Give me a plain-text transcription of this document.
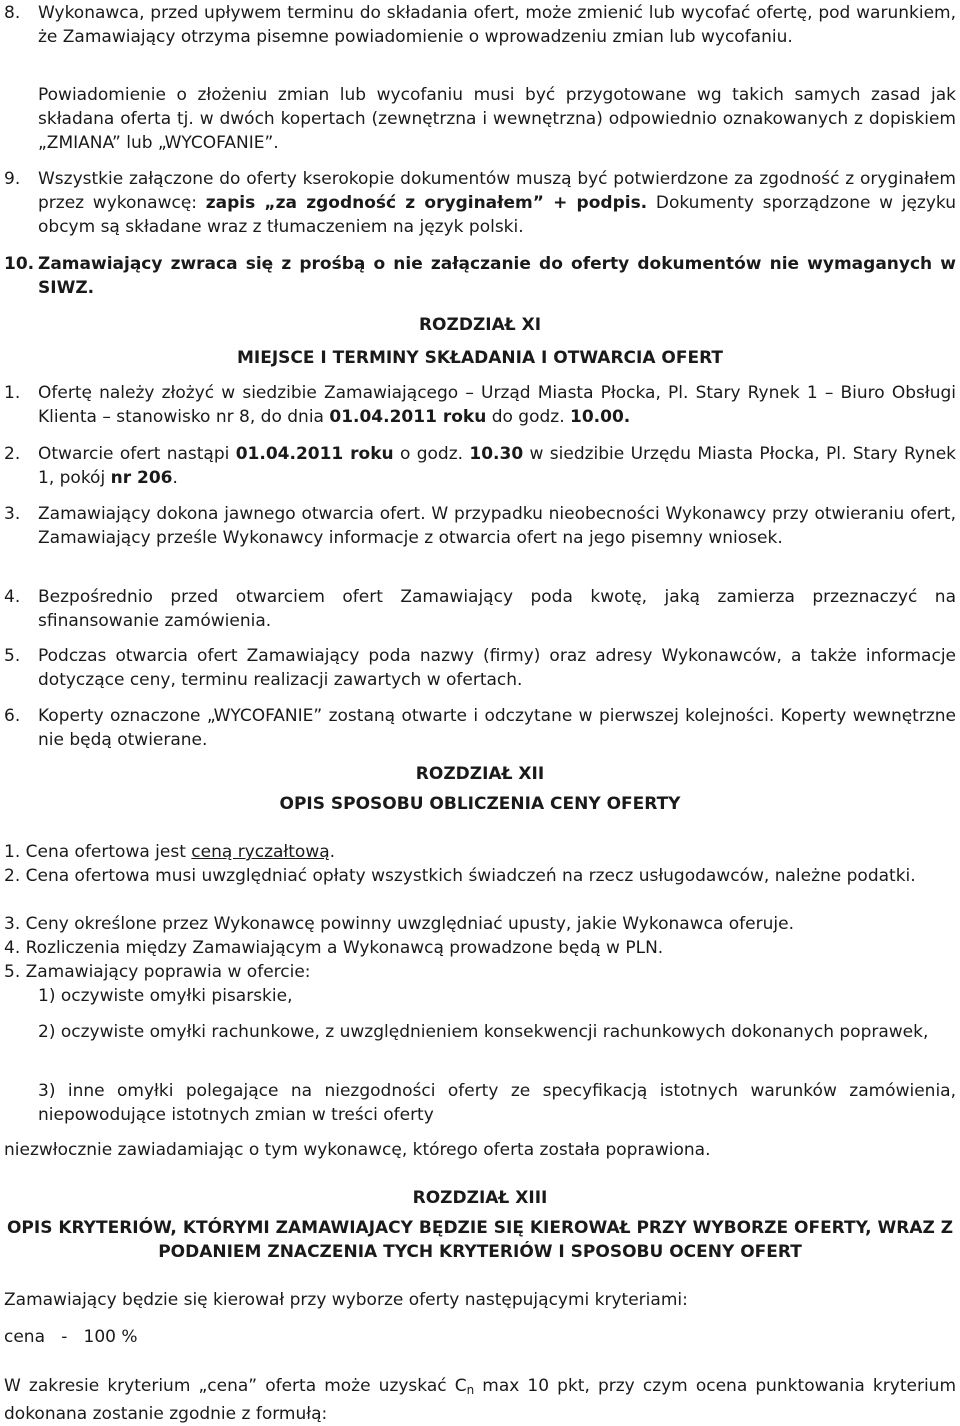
8.	Wykonawca, przed upływem terminu do składania ofert, może zmienić lub wycofać ofertę, pod warunkiem, że Zamawiający otrzyma pisemne powiadomienie o wprowadzeniu zmian lub wycofaniu.

Powiadomienie o złożeniu zmian lub wycofaniu musi być przygotowane wg takich samych zasad jak składana oferta tj. w dwóch kopertach (zewnętrzna i wewnętrzna) odpowiednio oznakowanych z dopiskiem „ZMIANA” lub „WYCOFANIE”.
9.	Wszystkie załączone do oferty kserokopie dokumentów muszą być potwierdzone za zgodność z oryginałem przez wykonawcę: zapis „za zgodność z oryginałem” + podpis. Dokumenty sporządzone w języku obcym są składane wraz z tłumaczeniem na język polski.
10. Zamawiający zwraca się z prośbą o nie załączanie do oferty dokumentów nie wymaganych w SIWZ.
ROZDZIAŁ XI
MIEJSCE I TERMINY SKŁADANIA I OTWARCIA OFERT
1.	Ofertę należy złożyć w siedzibie Zamawiającego – Urząd Miasta Płocka, Pl. Stary Rynek 1 – Biuro Obsługi Klienta – stanowisko nr 8, do dnia 01.04.2011 roku do godz. 10.00.
2.	Otwarcie ofert nastąpi 01.04.2011 roku o godz. 10.30 w siedzibie Urzędu Miasta Płocka, Pl. Stary Rynek 1, pokój nr 206.
3.	Zamawiający dokona jawnego otwarcia ofert. W przypadku nieobecności Wykonawcy przy otwieraniu ofert, Zamawiający prześle Wykonawcy informacje z otwarcia ofert na jego pisemny wniosek.
4.	Bezpośrednio przed otwarciem ofert Zamawiający poda kwotę, jaką zamierza przeznaczyć na sfinansowanie zamówienia.
5.	Podczas otwarcia ofert Zamawiający poda nazwy (firmy) oraz adresy Wykonawców, a także informacje dotyczące ceny, terminu realizacji zawartych w ofertach.
6.	Koperty oznaczone „WYCOFANIE” zostaną otwarte i odczytane w pierwszej kolejności. Koperty wewnętrzne nie będą otwierane.
ROZDZIAŁ XII
OPIS SPOSOBU OBLICZENIA CENY OFERTY
1. Cena ofertowa jest ceną ryczałtową.
2. Cena ofertowa musi uwzględniać opłaty wszystkich świadczeń na rzecz usługodawców, należne podatki.
3. Ceny określone przez Wykonawcę powinny uwzględniać upusty, jakie Wykonawca oferuje.
4. Rozliczenia między Zamawiającym a Wykonawcą prowadzone będą w PLN.
5. Zamawiający poprawia w ofercie:
1) oczywiste omyłki pisarskie,
2) oczywiste omyłki rachunkowe, z uwzględnieniem konsekwencji rachunkowych dokonanych poprawek,
3) inne omyłki polegające na niezgodności oferty ze specyfikacją istotnych warunków zamówienia, niepowodujące istotnych zmian w treści oferty
niezwłocznie zawiadamiając o tym wykonawcę, którego oferta została poprawiona.
ROZDZIAŁ XIII
OPIS KRYTERIÓW, KTÓRYMI ZAMAWIAJACY BĘDZIE SIĘ KIEROWAŁ PRZY WYBORZE OFERTY, WRAZ Z PODANIEM ZNACZENIA TYCH KRYTERIÓW I SPOSOBU OCENY OFERT
Zamawiający będzie się kierował przy wyborze oferty następującymi kryteriami:
cena   -   100 %
W zakresie kryterium „cena” oferta może uzyskać Cn max 10 pkt, przy czym ocena punktowania kryterium dokonana zostanie zgodnie z formułą:
